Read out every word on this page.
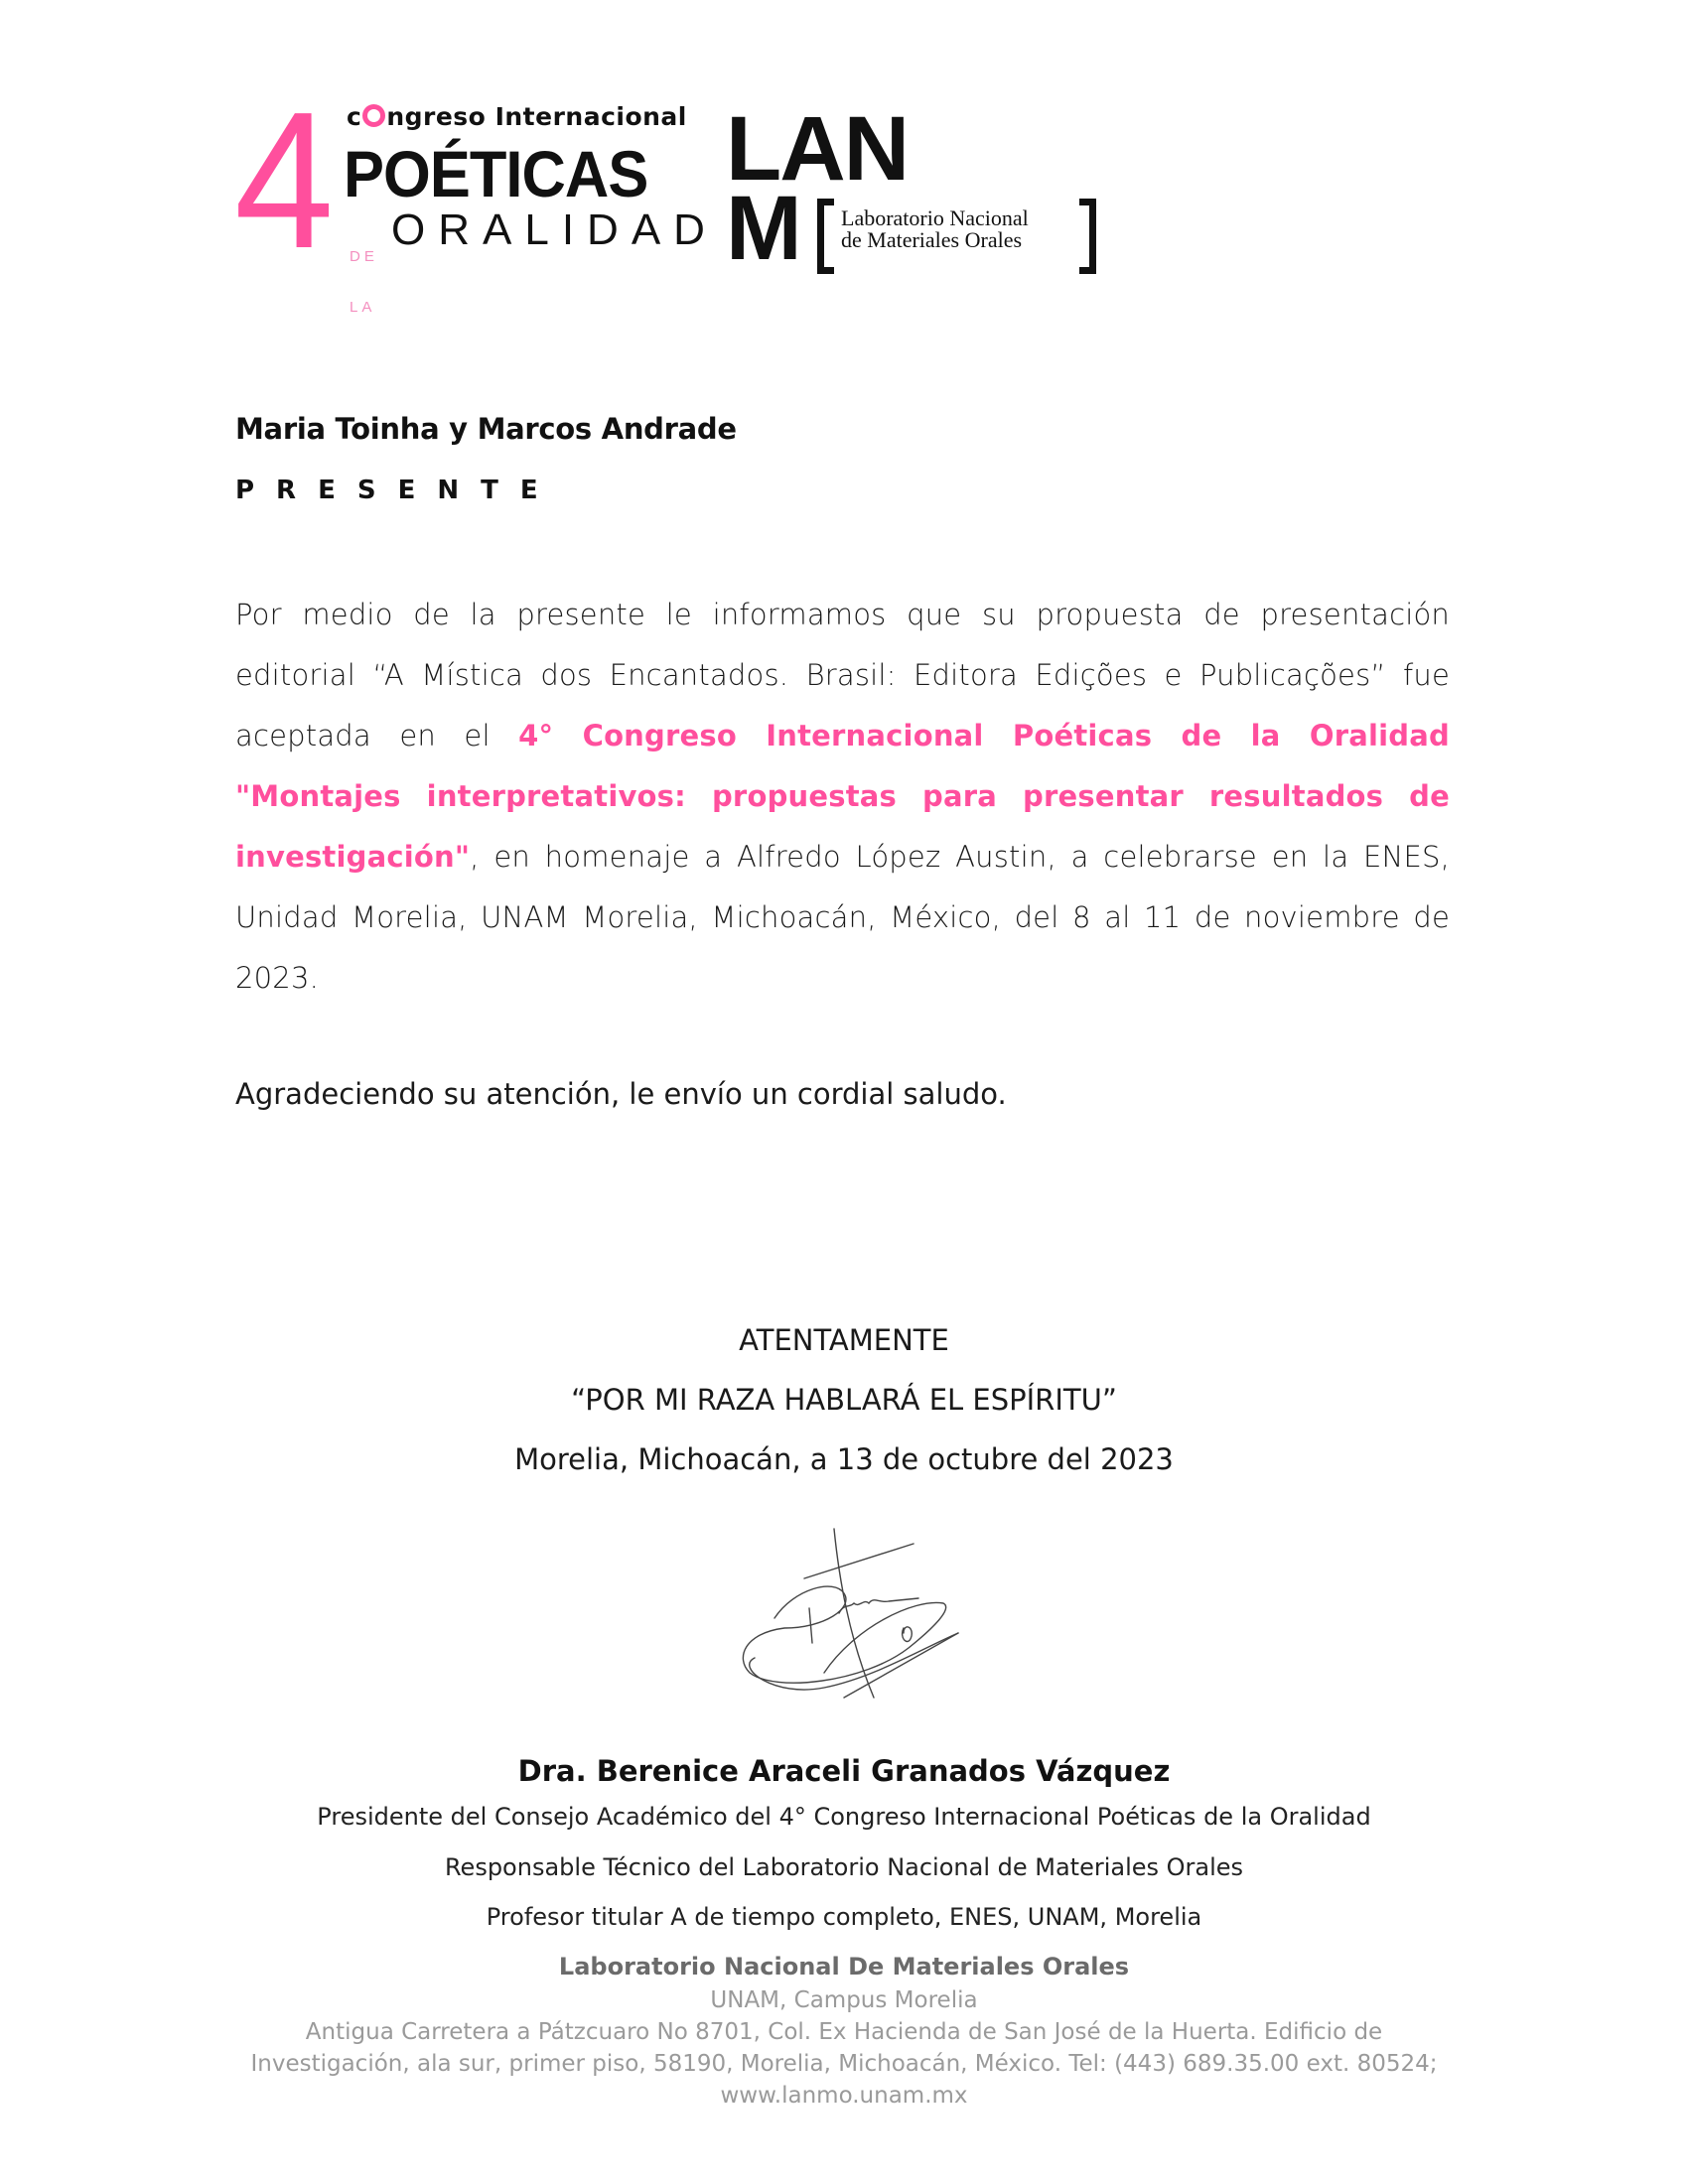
4 c ngreso Internacional
POÉTICAS

DE

LA

ORALIDAD
LAN
M Laboratorio Nacional
de Materiales Orales
Maria Toinha y Marcos Andrade
PRESENTE
Por medio de la presente le informamos que su propuesta de presentación editorial “A Mística dos Encantados. Brasil: Editora Edições e Publicações” fue aceptada en el 4° Congreso Internacional Poéticas de la Oralidad "Montajes interpretativos: propuestas para presentar resultados de investigación", en homenaje a Alfredo López Austin, a celebrarse en la ENES, Unidad Morelia, UNAM Morelia, Michoacán, México, del 8 al 11 de noviembre de 2023.
Agradeciendo su atención, le envío un cordial saludo.
ATENTAMENTE
“POR MI RAZA HABLARÁ EL ESPÍRITU”
Morelia, Michoacán, a 13 de octubre del 2023
Dra. Berenice Araceli Granados Vázquez
Presidente del Consejo Académico del 4° Congreso Internacional Poéticas de la Oralidad
Responsable Técnico del Laboratorio Nacional de Materiales Orales
Profesor titular A de tiempo completo, ENES, UNAM, Morelia
Laboratorio Nacional De Materiales Orales
UNAM, Campus Morelia
Antigua Carretera a Pátzcuaro No 8701, Col. Ex Hacienda de San José de la Huerta. Edificio de Investigación, ala sur, primer piso, 58190, Morelia, Michoacán, México. Tel: (443) 689.35.00 ext. 80524; www.lanmo.unam.mx
